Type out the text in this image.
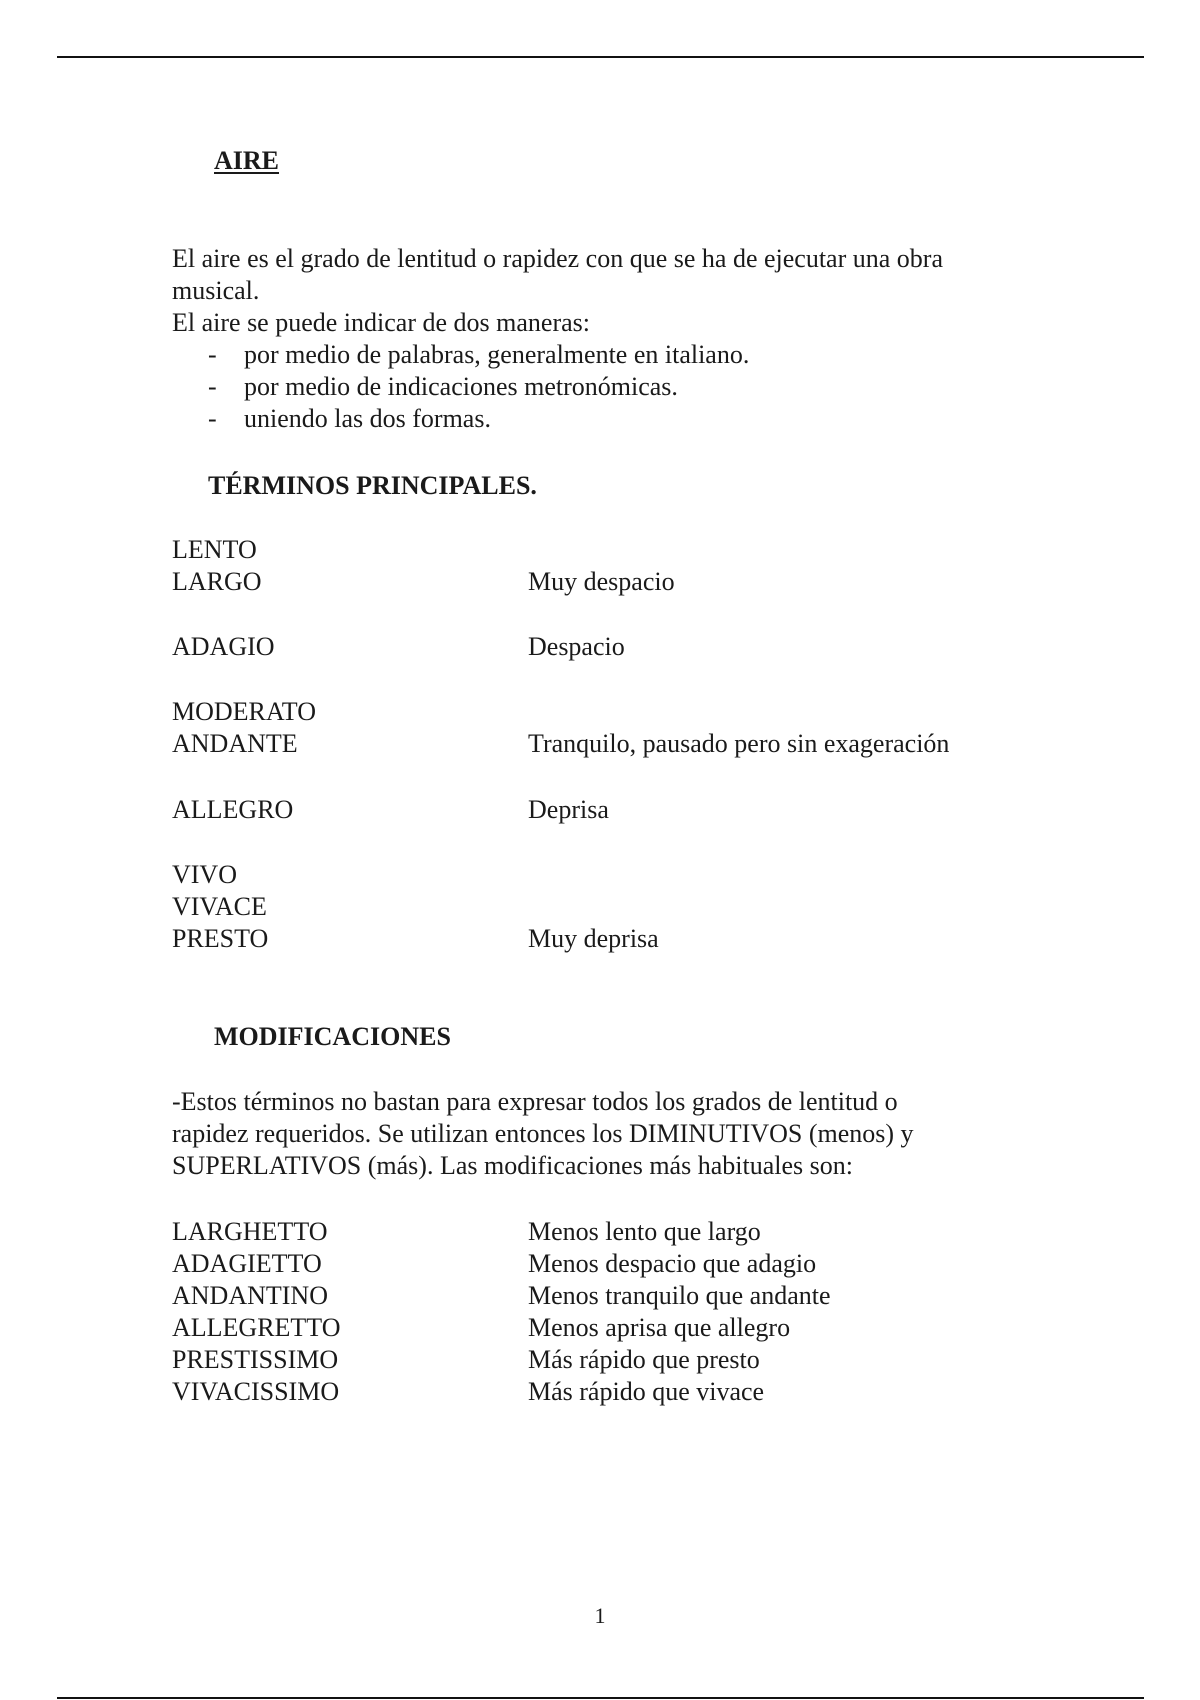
AIRE
El aire es el grado de lentitud o rapidez con que se ha de ejecutar una obra
musical.
El aire se puede indicar de dos maneras:
- por medio de palabras, generalmente en italiano.
- por medio de indicaciones metronómicas.
- uniendo las dos formas.
TÉRMINOS PRINCIPALES.
LENTO
LARGO	Muy despacio
ADAGIO	Despacio
MODERATO
ANDANTE	Tranquilo, pausado pero sin exageración
ALLEGRO	Deprisa
VIVO
VIVACE
PRESTO	Muy deprisa
MODIFICACIONES
-Estos términos no bastan para expresar todos los grados de lentitud o
rapidez requeridos. Se utilizan entonces los DIMINUTIVOS (menos) y
SUPERLATIVOS (más). Las modificaciones más habituales son:
LARGHETTO	Menos lento que largo
ADAGIETTO	Menos despacio que adagio
ANDANTINO	Menos tranquilo que andante
ALLEGRETTO	Menos aprisa que allegro
PRESTISSIMO	Más rápido que presto
VIVACISSIMO	Más rápido que vivace
1
